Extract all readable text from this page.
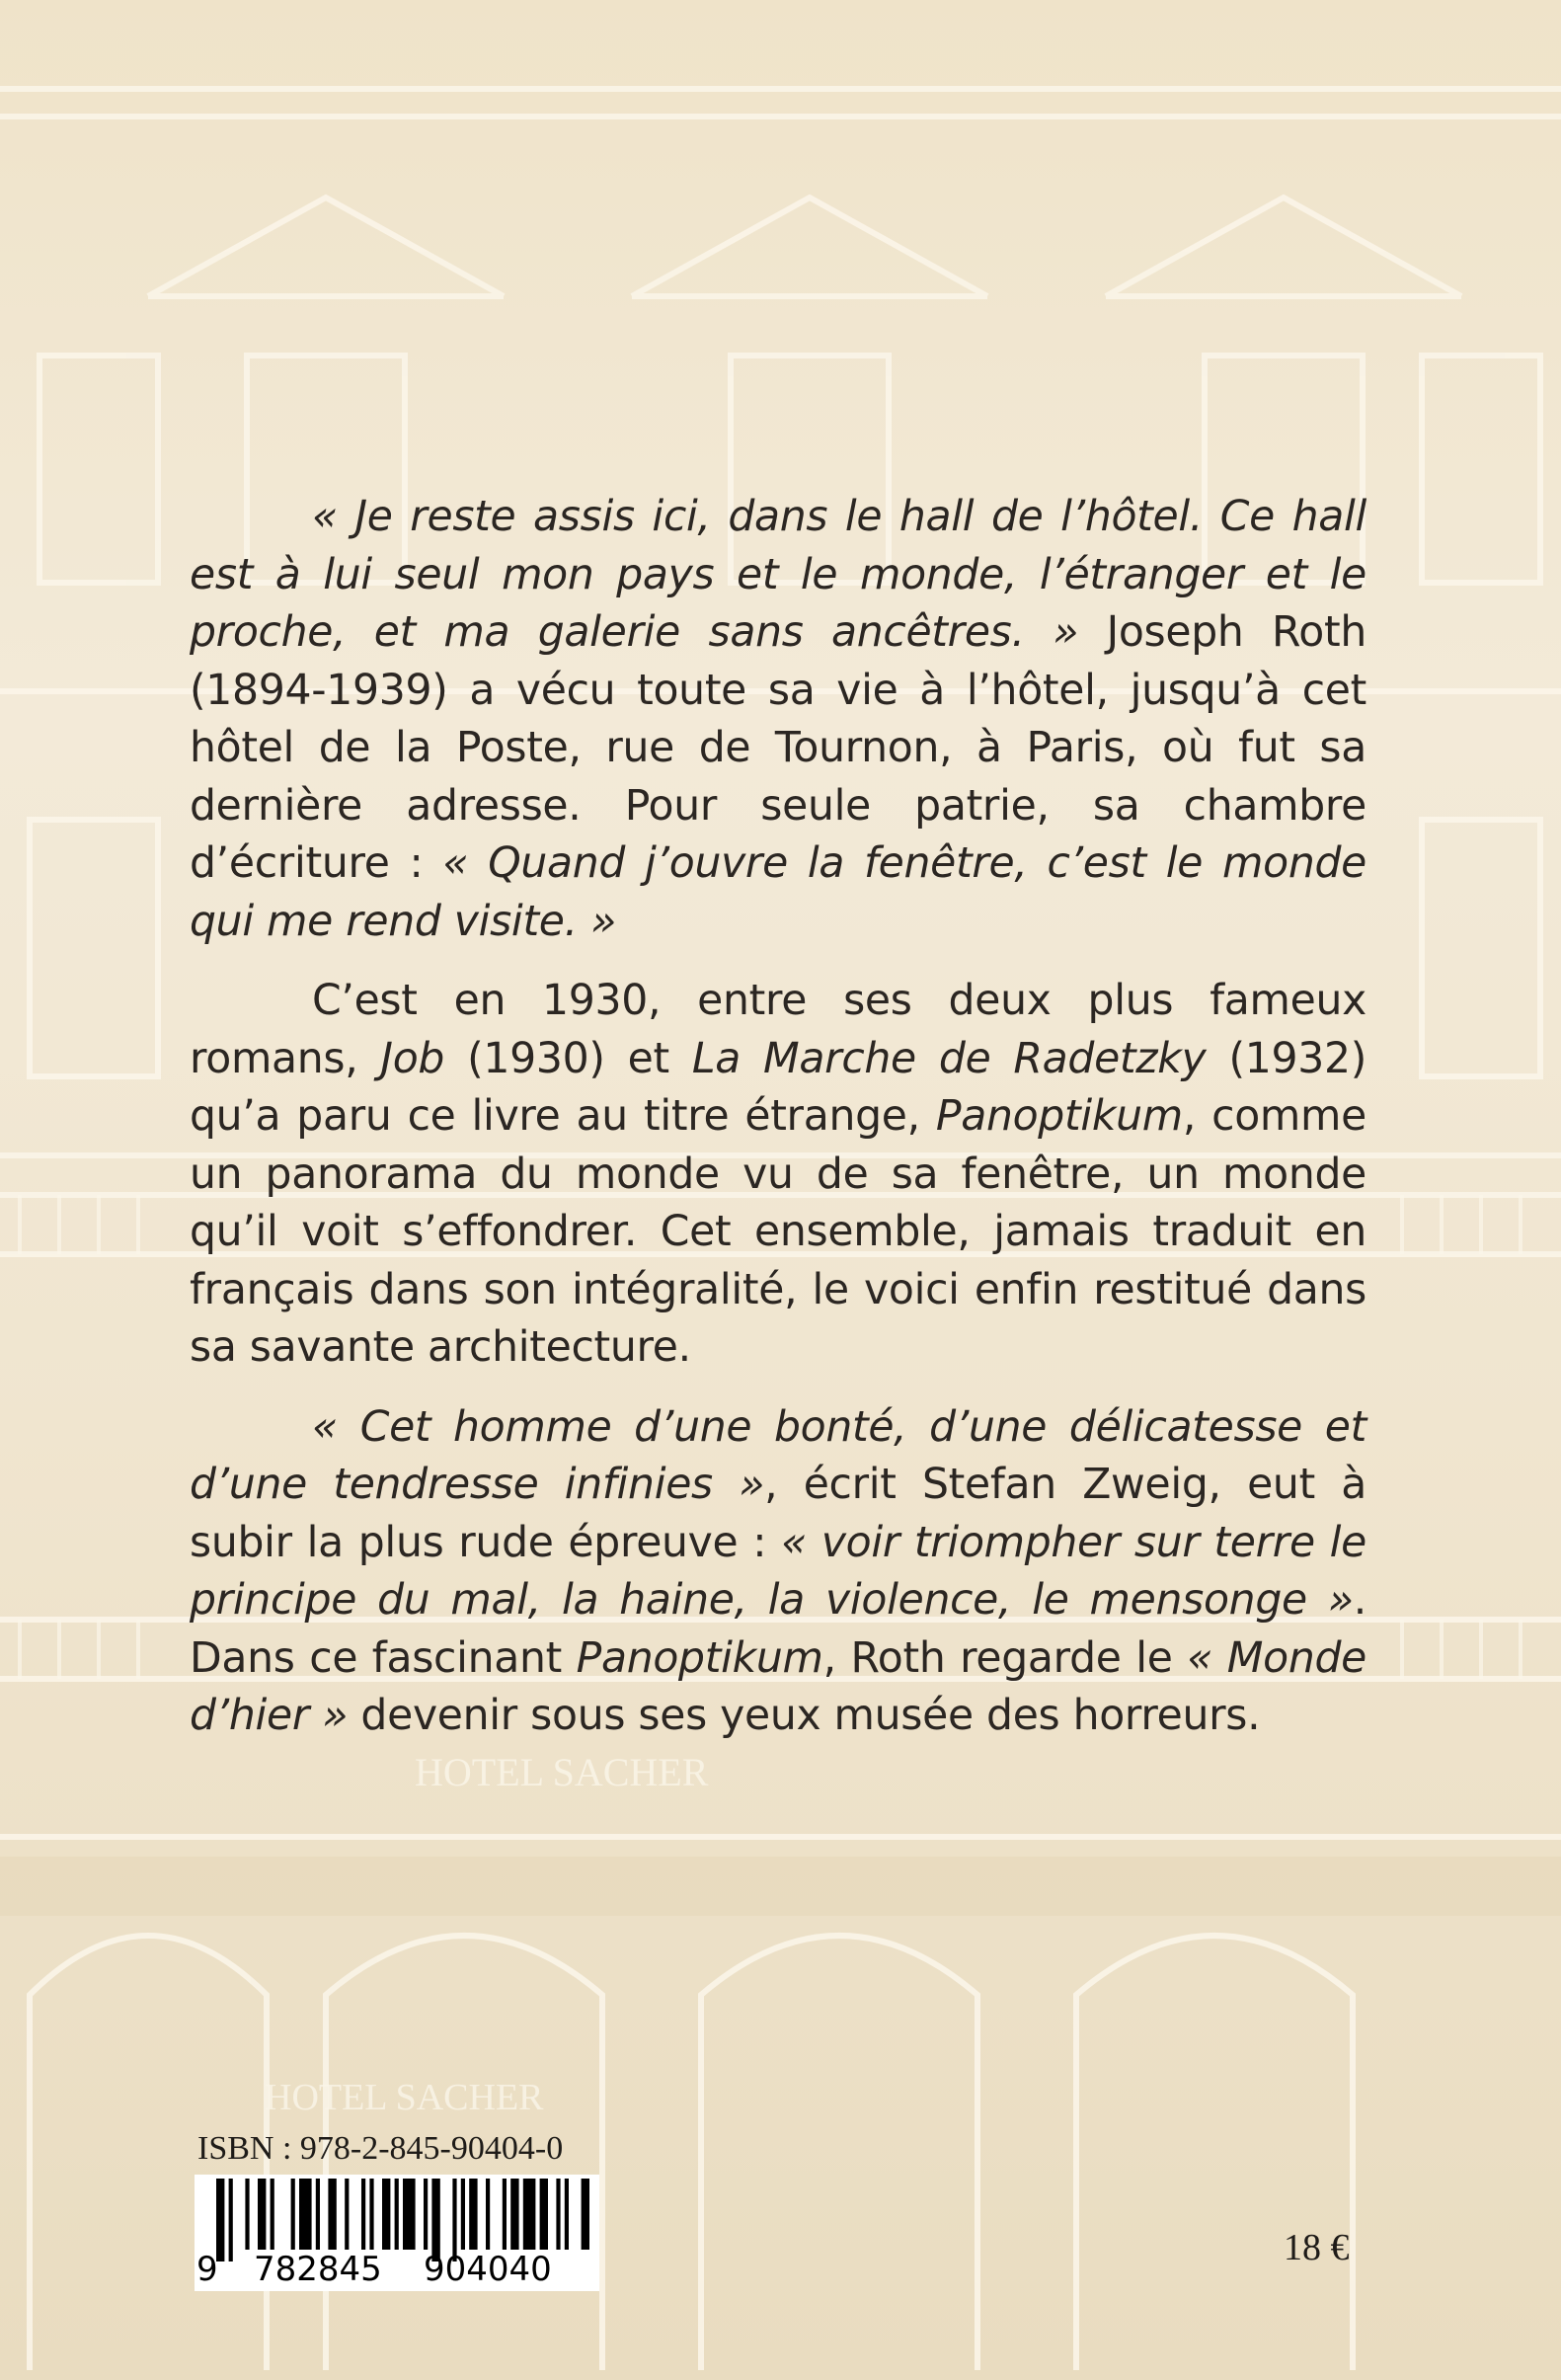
HOTEL SACHER
HOTEL SACHER

« Je reste assis ici, dans le hall de l’hôtel. Ce hall est à lui seul mon pays et le monde, l’étranger et le proche, et ma galerie sans ancêtres. » Joseph Roth (1894-1939) a vécu toute sa vie à l’hôtel, jusqu’à cet hôtel de la Poste, rue de Tournon, à Paris, où fut sa dernière adresse. Pour seule patrie, sa chambre d’écriture : « Quand j’ouvre la fenêtre, c’est le monde qui me rend visite. »

C’est en 1930, entre ses deux plus fameux romans, Job (1930) et La Marche de Radetzky (1932) qu’a paru ce livre au titre étrange, Panoptikum, comme un panorama du monde vu de sa fenêtre, un monde qu’il voit s’effondrer. Cet ensemble, jamais traduit en français dans son intégralité, le voici enfin restitué dans sa savante architecture.

« Cet homme d’une bonté, d’une délicatesse et d’une tendresse infinies », écrit Stefan Zweig, eut à subir la plus rude épreuve : « voir triompher sur terre le principe du mal, la haine, la violence, le mensonge ». Dans ce fascinant Panoptikum, Roth regarde le « Monde d’hier » devenir sous ses yeux musée des horreurs.

ISBN : 978-2-845-90404-0
9 782845 904040
18 €
